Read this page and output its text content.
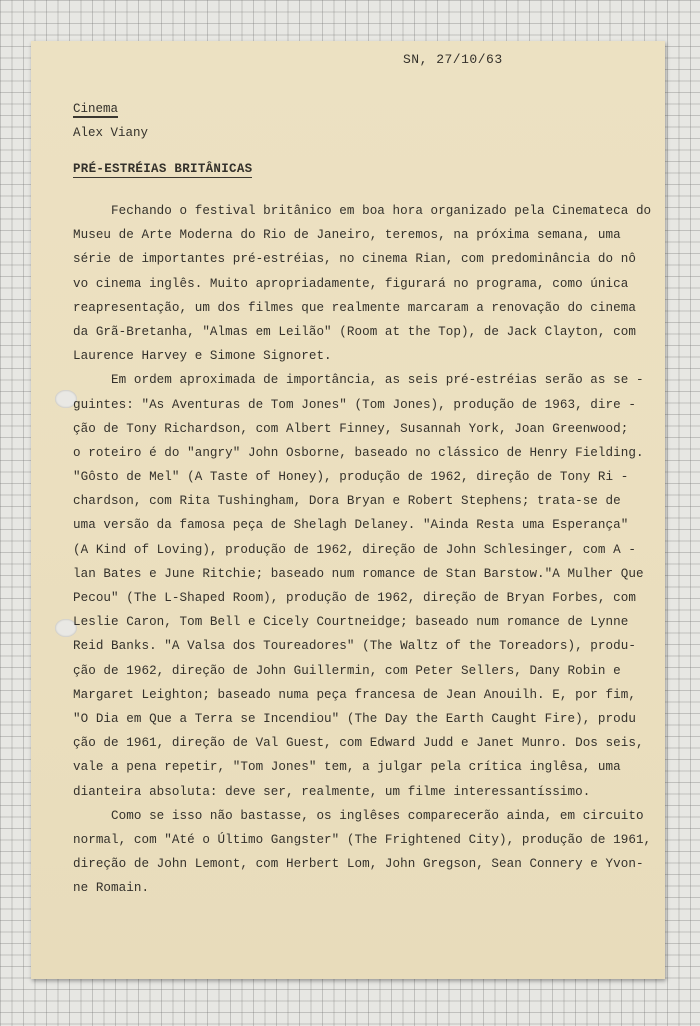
SN, 27/10/63
Cinema
Alex Viany
PRÉ-ESTRÉIAS BRITÂNICAS
Fechando o festival britânico em boa hora organizado pela Cinemateca do
Museu de Arte Moderna do Rio de Janeiro, teremos, na próxima semana, uma
série de importantes pré-estréias, no cinema Rian, com predominância do nô
vo cinema inglês. Muito apropriadamente, figurará no programa, como única
reapresentação, um dos filmes que realmente marcaram a renovação do cinema
da Grã-Bretanha, "Almas em Leilão" (Room at the Top), de Jack Clayton, com
Laurence Harvey e Simone Signoret.
Em ordem aproximada de importância, as seis pré-estréias serão as se -
guintes: "As Aventuras de Tom Jones" (Tom Jones), produção de 1963, dire -
ção de Tony Richardson, com Albert Finney, Susannah York, Joan Greenwood;
o roteiro é do "angry" John Osborne, baseado no clássico de Henry Fielding.
"Gôsto de Mel" (A Taste of Honey), produção de 1962, direção de Tony Ri -
chardson, com Rita Tushingham, Dora Bryan e Robert Stephens; trata-se de
uma versão da famosa peça de Shelagh Delaney. "Ainda Resta uma Esperança"
(A Kind of Loving), produção de 1962, direção de John Schlesinger, com A -
lan Bates e June Ritchie; baseado num romance de Stan Barstow."A Mulher Que
Pecou" (The L-Shaped Room), produção de 1962, direção de Bryan Forbes, com
Leslie Caron, Tom Bell e Cicely Courtneidge; baseado num romance de Lynne
Reid Banks. "A Valsa dos Toureadores" (The Waltz of the Toreadors), produ-
ção de 1962, direção de John Guillermin, com Peter Sellers, Dany Robin e
Margaret Leighton; baseado numa peça francesa de Jean Anouilh. E, por fim,
"O Dia em Que a Terra se Incendiou" (The Day the Earth Caught Fire), produ
ção de 1961, direção de Val Guest, com Edward Judd e Janet Munro. Dos seis,
vale a pena repetir, "Tom Jones" tem, a julgar pela crítica inglêsa, uma
dianteira absoluta: deve ser, realmente, um filme interessantíssimo.
Como se isso não bastasse, os inglêses comparecerão ainda, em circuito
normal, com "Até o Último Gangster" (The Frightened City), produção de 1961,
direção de John Lemont, com Herbert Lom, John Gregson, Sean Connery e Yvon-
ne Romain.
